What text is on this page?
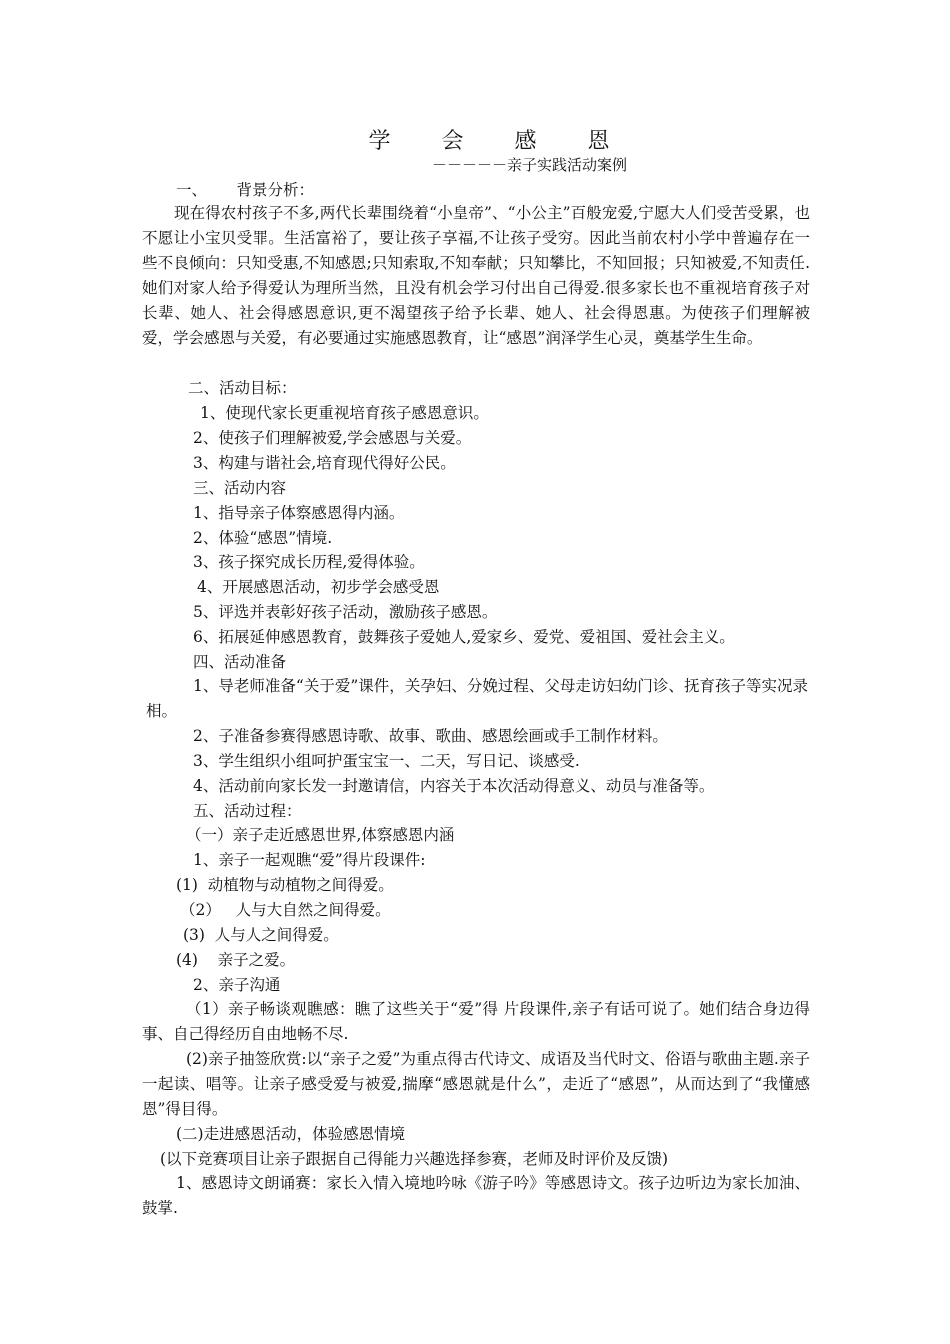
学 会 感 恩
－－－－－亲子实践活动案例
一、      背景分析：

现在得农村孩子不多,两代长辈围绕着“小皇帝”、“小公主”百般宠爱,宁愿大人们受苦受累，也不愿让小宝贝受罪。生活富裕了，要让孩子享福,不让孩子受穷。因此当前农村小学中普遍存在一些不良倾向：只知受惠,不知感恩;只知索取,不知奉献；只知攀比，不知回报；只知被爱,不知责任.她们对家人给予得爱认为理所当然，且没有机会学习付出自己得爱.很多家长也不重视培育孩子对长辈、她人、社会得感恩意识,更不渴望孩子给予长辈、她人、社会得恩惠。为使孩子们理解被爱，学会感恩与关爱，有必要通过实施感恩教育，让“感恩”润泽学生心灵，奠基学生生命。

二、活动目标：
1、使现代家长更重视培育孩子感恩意识。
2、使孩子们理解被爱,学会感恩与关爱。
3、构建与谐社会,培育现代得好公民。
三、活动内容
1、指导亲子体察感恩得内涵。
2、体验“感恩”情境.
3、孩子探究成长历程,爱得体验。
4、开展感恩活动，初步学会感受恩
5、评选并表彰好孩子活动，激励孩子感恩。
6、拓展延伸感恩教育，鼓舞孩子爱她人,爱家乡、爱党、爱祖国、爱社会主义。
四、活动准备

1、导老师准备“关于爱”课件，关孕妇、分娩过程、父母走访妇幼门诊、抚育孩子等实况录相。

2、子准备参赛得感恩诗歌、故事、歌曲、感恩绘画或手工制作材料。
3、学生组织小组呵护蛋宝宝一、二天，写日记、谈感受.
4、活动前向家长发一封邀请信，内容关于本次活动得意义、动员与准备等。
五、活动过程：
（一）亲子走近感恩世界,体察感恩内涵
1、亲子一起观瞧“爱”得片段课件:
(1)  动植物与动植物之间得爱。
（2）   人与大自然之间得爱。
(3)  人与人之间得爱。
(4)    亲子之爱。
2、亲子沟通

（1）亲子畅谈观瞧感：瞧了这些关于“爱”得 片段课件,亲子有话可说了。她们结合身边得事、自己得经历自由地畅不尽.

(2)亲子抽签欣赏:以“亲子之爱”为重点得古代诗文、成语及当代时文、俗语与歌曲主题.亲子一起读、唱等。让亲子感受爱与被爱,揣摩“感恩就是什么”，走近了“感恩”，从而达到了“我懂感恩”得目得。

(二)走进感恩活动，体验感恩情境
(以下竞赛项目让亲子跟据自己得能力兴趣选择参赛，老师及时评价及反馈)

1、感恩诗文朗诵赛：家长入情入境地吟咏《游子吟》等感恩诗文。孩子边听边为家长加油、鼓掌.
